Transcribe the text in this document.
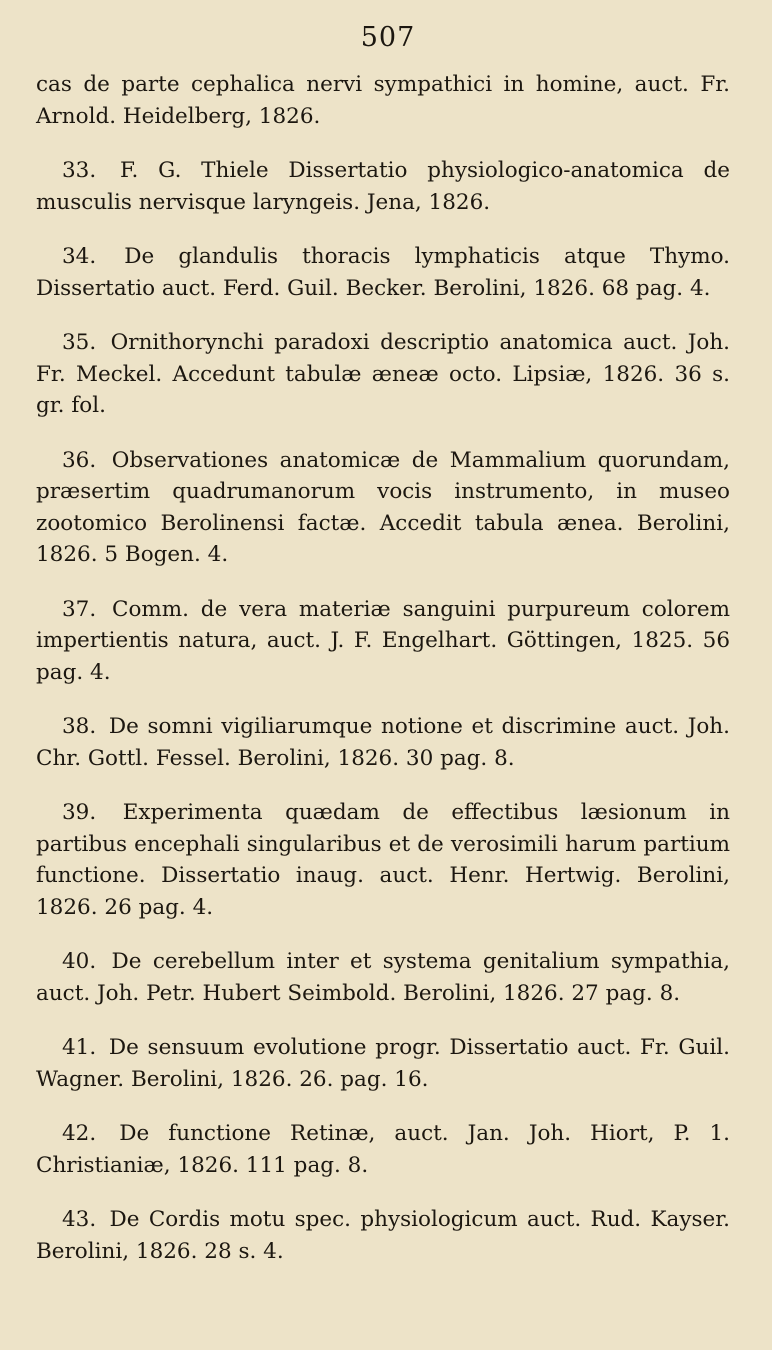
507

cas de parte cephalica nervi sympathici in homine, auct. Fr. Arnold. Heidelberg, 1826.

33. F. G. Thiele Dissertatio physiologico-anatomica de musculis nervisque laryngeis. Jena, 1826.

34. De glandulis thoracis lymphaticis atque Thymo. Dissertatio auct. Ferd. Guil. Becker. Berolini, 1826. 68 pag. 4.

35. Ornithorynchi paradoxi descriptio anatomica auct. Joh. Fr. Meckel. Accedunt tabulæ æneæ octo. Lipsiæ, 1826. 36 s. gr. fol.

36. Observationes anatomicæ de Mammalium quorundam, præsertim quadrumanorum vocis instrumento, in museo zootomico Berolinensi factæ. Accedit tabula ænea. Berolini, 1826. 5 Bogen. 4.

37. Comm. de vera materiæ sanguini purpureum colorem impertientis natura, auct. J. F. Engelhart. Göttingen, 1825. 56 pag. 4.

38. De somni vigiliarumque notione et discrimine auct. Joh. Chr. Gottl. Fessel. Berolini, 1826. 30 pag. 8.

39. Experimenta quædam de effectibus læsionum in partibus encephali singularibus et de verosimili harum partium functione. Dissertatio inaug. auct. Henr. Hertwig. Berolini, 1826. 26 pag. 4.

40. De cerebellum inter et systema genitalium sympathia, auct. Joh. Petr. Hubert Seimbold. Berolini, 1826. 27 pag. 8.

41. De sensuum evolutione progr. Dissertatio auct. Fr. Guil. Wagner. Berolini, 1826. 26. pag. 16.

42. De functione Retinæ, auct. Jan. Joh. Hiort, P. 1. Christianiæ, 1826. 111 pag. 8.

43. De Cordis motu spec. physiologicum auct. Rud. Kayser. Berolini, 1826. 28 s. 4.
